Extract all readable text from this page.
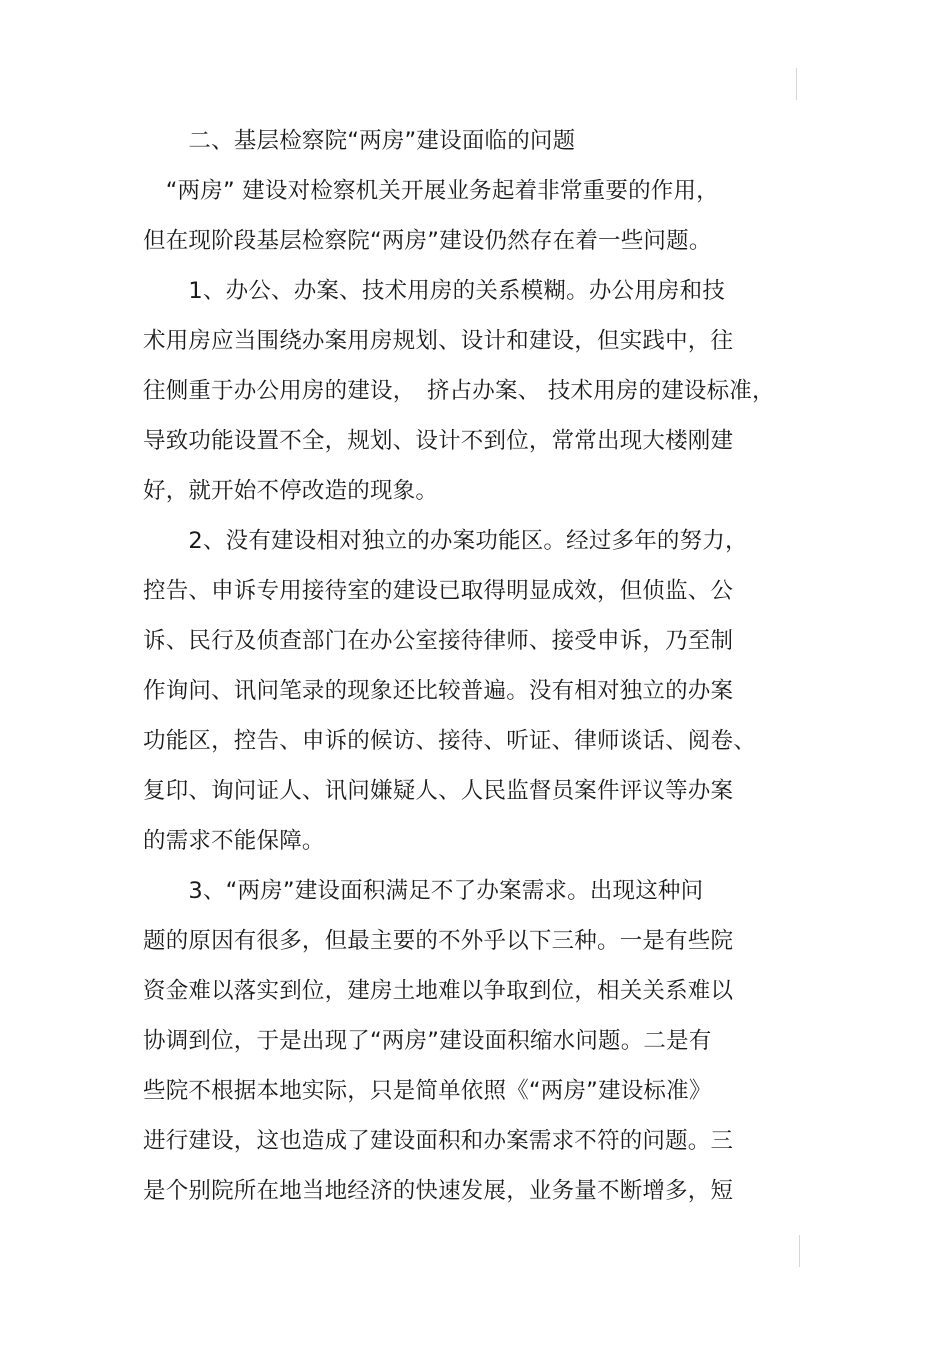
　　二、基层检察院“两房”建设面临的问题
　“两房” 建设对检察机关开展业务起着非常重要的作用，
但在现阶段基层检察院“两房”建设仍然存在着一些问题。
　　1、办公、办案、技术用房的关系模糊。办公用房和技
术用房应当围绕办案用房规划、设计和建设，但实践中，往
往侧重于办公用房的建设，　挤占办案、 技术用房的建设标准，
导致功能设置不全，规划、设计不到位，常常出现大楼刚建
好，就开始不停改造的现象。
　　2、没有建设相对独立的办案功能区。经过多年的努力，
控告、申诉专用接待室的建设已取得明显成效，但侦监、公
诉、民行及侦查部门在办公室接待律师、接受申诉，乃至制
作询问、讯问笔录的现象还比较普遍。没有相对独立的办案
功能区，控告、申诉的候访、接待、听证、律师谈话、阅卷、
复印、询问证人、讯问嫌疑人、人民监督员案件评议等办案
的需求不能保障。
　　3、“两房”建设面积满足不了办案需求。出现这种问
题的原因有很多，但最主要的不外乎以下三种。一是有些院
资金难以落实到位，建房土地难以争取到位，相关关系难以
协调到位，于是出现了“两房”建设面积缩水问题。二是有
些院不根据本地实际，只是简单依照《“两房”建设标准》
进行建设，这也造成了建设面积和办案需求不符的问题。三
是个别院所在地当地经济的快速发展，业务量不断增多，短
